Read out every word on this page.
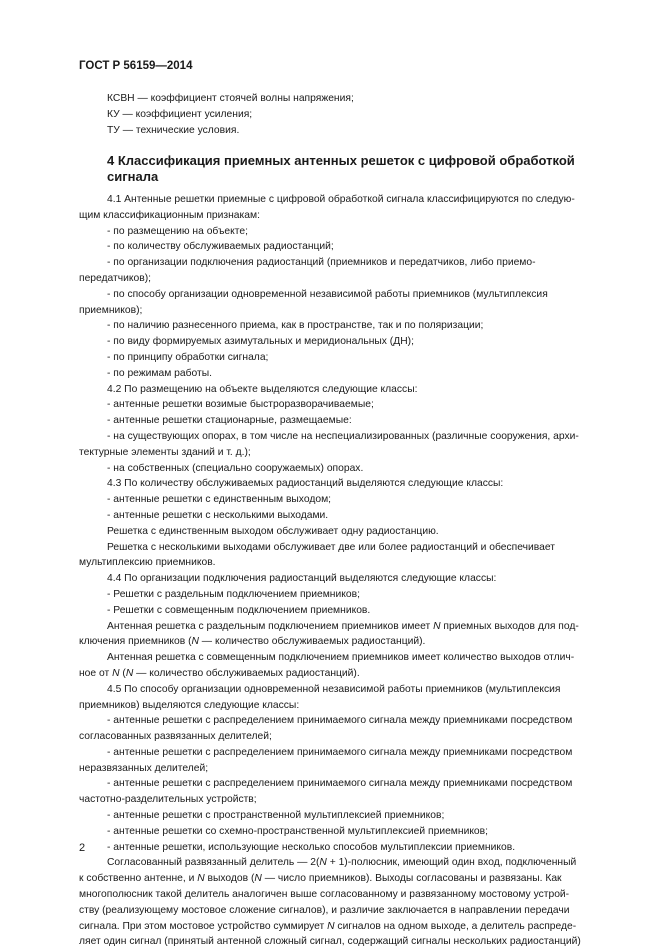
ГОСТ Р 56159—2014
КСВН — коэффициент стоячей волны напряжения;
КУ — коэффициент усиления;
ТУ — технические условия.
4 Классификация приемных антенных решеток с цифровой обработкой сигнала

4.1 Антенные решетки приемные с цифровой обработкой сигнала классифицируются по следую-

щим классификационным признакам:

- по размещению на объекте;

- по количеству обслуживаемых радиостанций;

- по организации подключения радиостанций (приемников и передатчиков, либо приемо-

передатчиков);

- по способу организации одновременной независимой работы приемников (мультиплексия

приемников);

- по наличию разнесенного приема, как в пространстве, так и по поляризации;

- по виду формируемых азимутальных и меридиональных (ДН);

- по принципу обработки сигнала;

- по режимам работы.

4.2 По размещению на объекте выделяются следующие классы:

- антенные решетки возимые быстроразворачиваемые;

- антенные решетки стационарные, размещаемые:

- на существующих опорах, в том числе на неспециализированных (различные сооружения, архи-

тектурные элементы зданий и т. д.);

- на собственных (специально сооружаемых) опорах.

4.3 По количеству обслуживаемых радиостанций выделяются следующие классы:

- антенные решетки с единственным выходом;

- антенные решетки с несколькими выходами.

Решетка с единственным выходом обслуживает одну радиостанцию.

Решетка с несколькими выходами обслуживает две или более радиостанций и обеспечивает

мультиплексию приемников.

4.4 По организации подключения радиостанций выделяются следующие классы:

- Решетки с раздельным подключением приемников;

- Решетки с совмещенным подключением приемников.

Антенная решетка с раздельным подключением приемников имеет N приемных выходов для под-

ключения приемников (N — количество обслуживаемых радиостанций).

Антенная решетка с совмещенным подключением приемников имеет количество выходов отлич-

ное от N (N — количество обслуживаемых радиостанций).

4.5 По способу организации одновременной независимой работы приемников (мультиплексия

приемников) выделяются следующие классы:

- антенные решетки с распределением принимаемого сигнала между приемниками посредством

согласованных развязанных делителей;

- антенные решетки с распределением принимаемого сигнала между приемниками посредством

неразвязанных делителей;

- антенные решетки с распределением принимаемого сигнала между приемниками посредством

частотно-разделительных устройств;

- антенные решетки с пространственной мультиплексией приемников;

- антенные решетки со схемно-пространственной мультиплексией приемников;

- антенные решетки, использующие несколько способов мультиплексии приемников.

Согласованный развязанный делитель — 2(N + 1)-полюсник, имеющий один вход, подключенный

к собственно антенне, и N выходов (N — число приемников). Выходы согласованы и развязаны. Как

многополюсник такой делитель аналогичен выше согласованному и развязанному мостовому устрой-

ству (реализующему мостовое сложение сигналов), и различие заключается в направлении передачи

сигнала. При этом мостовое устройство суммирует N сигналов на одном выходе, а делитель распреде-

ляет один сигнал (принятый антенной сложный сигнал, содержащий сигналы нескольких радиостанций)

2
